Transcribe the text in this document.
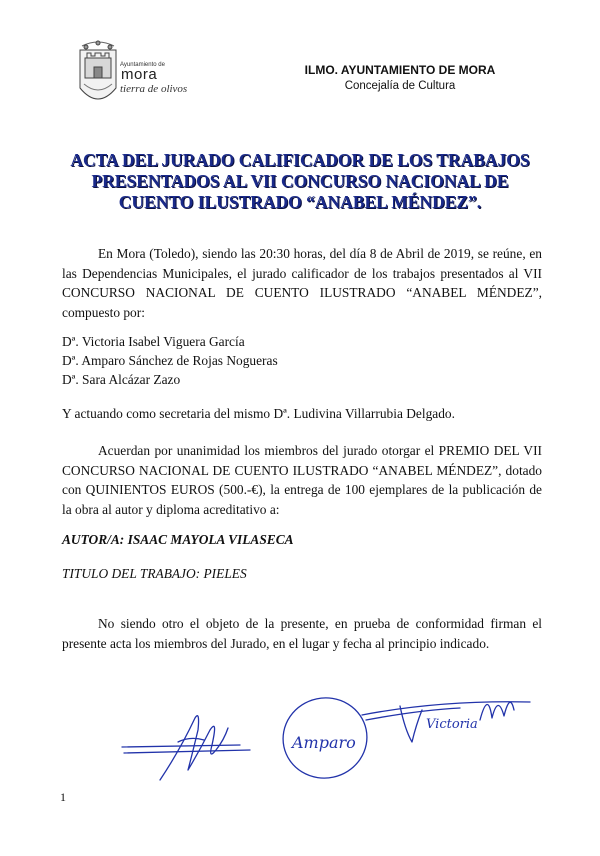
Ayuntamiento de
mora
tierra de olivos
ILMO. AYUNTAMIENTO DE MORA
Concejalía de Cultura
ACTA DEL JURADO CALIFICADOR DE LOS TRABAJOS
PRESENTADOS AL VII CONCURSO NACIONAL DE
CUENTO ILUSTRADO “ANABEL MÉNDEZ”.
En Mora (Toledo), siendo las 20:30 horas, del día 8 de Abril de 2019, se reúne, en las Dependencias Municipales, el jurado calificador de los trabajos presentados al VII CONCURSO NACIONAL DE CUENTO ILUSTRADO “ANABEL MÉNDEZ”, compuesto por:
Dª. Victoria Isabel Viguera García
Dª. Amparo Sánchez de Rojas Nogueras
Dª. Sara Alcázar Zazo
Y actuando como secretaria del mismo Dª. Ludivina Villarrubia Delgado.
Acuerdan por unanimidad los miembros del jurado otorgar el PREMIO DEL VII CONCURSO NACIONAL DE CUENTO ILUSTRADO “ANABEL MÉNDEZ”, dotado con QUINIENTOS EUROS (500.-€), la entrega de 100 ejemplares de la publicación de la obra al autor y diploma acreditativo a:
AUTOR/A: ISAAC MAYOLA VILASECA
TITULO DEL TRABAJO: PIELES
No siendo otro el objeto de la presente, en prueba de conformidad firman el presente acta los miembros del Jurado, en el lugar y fecha al principio indicado.
Amparo
Victoria
1
